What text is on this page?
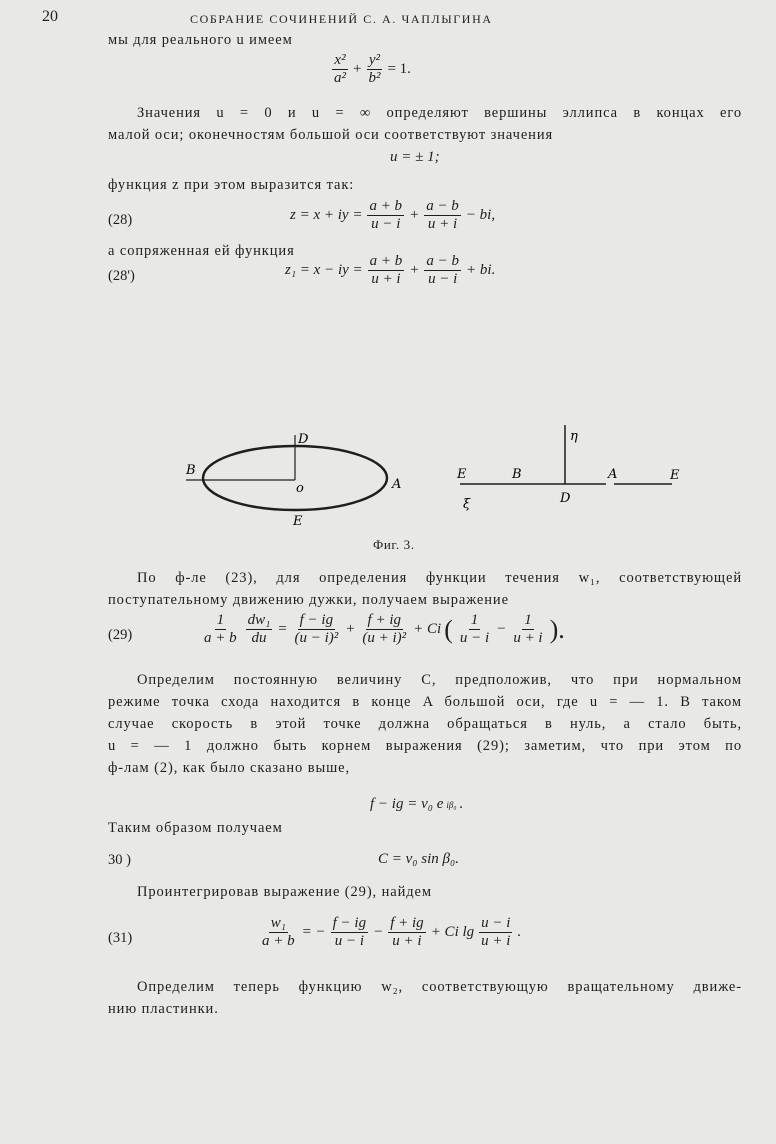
20	СОБРАНИЕ СОЧИНЕНИЙ С. А. ЧАПЛЫГИНА
мы для реального u имеем
$\frac{\text{x²}}{\text{a²}} + \frac{\text{y²}}{\text{b²}} = 1$.
Значения u = 0 и u = ∞ определяют вершины эллипса в концах его
малой оси; оконечностям большой оси соответствуют значения
u = ± 1;
функция z при этом выразится так:
(28)	z = x + iy = $\frac{a + b}{u - i} + \frac{a - b}{u + i}$ − bi,
а сопряженная ей функция
(28')	z₁ = x − iy = $\frac{a + b}{u + i} + \frac{a - b}{u - i}$ + bi.
D
B
o	A
E
η
E	B	A	E
ξ	D
Фиг. 3.
По ф-ле (23), для определения функции течения w₁, соответствующей
поступательному движению дужки, получаем выражение
(29)	$\frac{1}{a + b} \frac{\text{dw₁}}{du} = \frac{f - ig}{\text{(u − i)²}} + \frac{f + ig}{\text{(u + i)²}} + Ci$ ( $\frac{1}{u - i} - \frac{1}{u + i}$ ).
Определим постоянную величину C, предположив, что при нормальном
режиме точка схода находится в конце A большой оси, где u = — 1. В таком
случае скорость в этой точке должна обращаться в нуль, а стало быть,
u = — 1 должно быть корнем выражения (29); заметим, что при этом по
ф-лам (2), как было сказано выше,
f − ig = v₀ e iβ₀ .
Таким образом получаем
30 )	C = v₀ sin β₀.
Проинтегрировав выражение (29), найдем
(31)	$\frac{\text{w₁}}{a + b}$ = − $\frac{f - ig}{u - i} - \frac{f + ig}{u + i} + Ci$ $\lg \frac{u - i}{u + i}$ .
Определим теперь функцию w₂, соответствующую вращательному движе-
нию пластинки.
